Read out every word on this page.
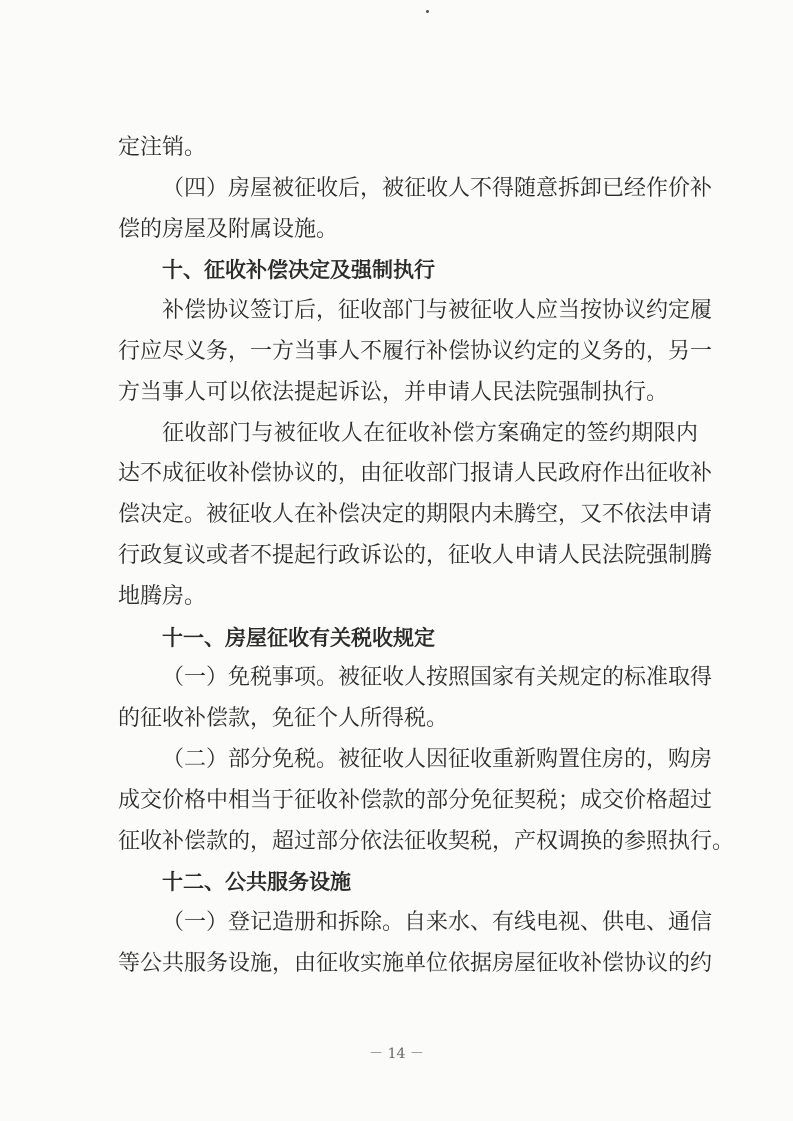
定注销。
（四）房屋被征收后，被征收人不得随意拆卸已经作价补
偿的房屋及附属设施。
十、征收补偿决定及强制执行
补偿协议签订后，征收部门与被征收人应当按协议约定履
行应尽义务，一方当事人不履行补偿协议约定的义务的，另一
方当事人可以依法提起诉讼，并申请人民法院强制执行。
征收部门与被征收人在征收补偿方案确定的签约期限内
达不成征收补偿协议的，由征收部门报请人民政府作出征收补
偿决定。被征收人在补偿决定的期限内未腾空，又不依法申请
行政复议或者不提起行政诉讼的，征收人申请人民法院强制腾
地腾房。
十一、房屋征收有关税收规定
（一）免税事项。被征收人按照国家有关规定的标准取得
的征收补偿款，免征个人所得税。
（二）部分免税。被征收人因征收重新购置住房的，购房
成交价格中相当于征收补偿款的部分免征契税；成交价格超过
征收补偿款的，超过部分依法征收契税，产权调换的参照执行。
十二、公共服务设施
（一）登记造册和拆除。自来水、有线电视、供电、通信
等公共服务设施，由征收实施单位依据房屋征收补偿协议的约
－ 14 －
